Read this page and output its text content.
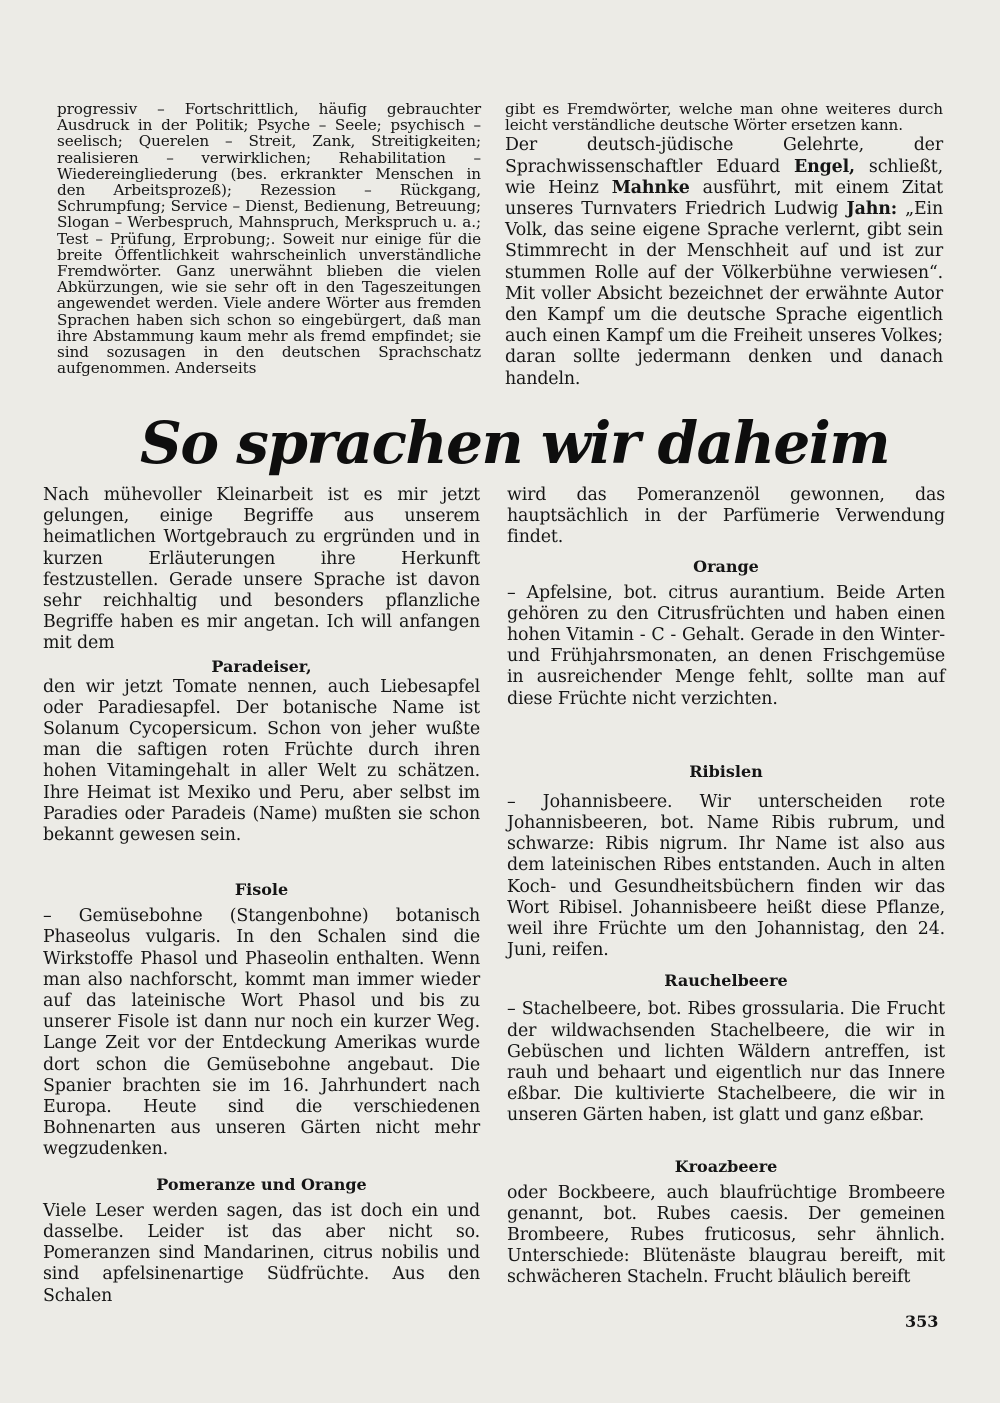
progressiv – Fortschrittlich, häufig gebrauchter Ausdruck in der Politik; Psyche – Seele; psychisch – seelisch; Querelen – Streit, Zank, Streitigkeiten; realisieren – verwirklichen; Rehabilitation – Wiedereingliederung (bes. erkrankter Menschen in den Arbeitsprozeß); Rezession – Rückgang, Schrumpfung; Service – Dienst, Bedienung, Betreuung; Slogan – Werbespruch, Mahnspruch, Merkspruch u. a.; Test – Prüfung, Erprobung;. Soweit nur einige für die breite Öffentlichkeit wahrscheinlich unverständliche Fremdwörter. Ganz unerwähnt blieben die vielen Abkürzungen, wie sie sehr oft in den Tageszeitungen angewendet werden. Viele andere Wörter aus fremden Sprachen haben sich schon so eingebürgert, daß man ihre Abstammung kaum mehr als fremd empfindet; sie sind sozusagen in den deutschen Sprachschatz aufgenommen. Anderseits

gibt es Fremdwörter, welche man ohne weiteres durch leicht verständliche deutsche Wörter ersetzen kann.

Der deutsch-jüdische Gelehrte, der Sprachwissenschaftler Eduard Engel, schließt, wie Heinz Mahnke ausführt, mit einem Zitat unseres Turnvaters Friedrich Ludwig Jahn: „Ein Volk, das seine eigene Sprache verlernt, gibt sein Stimmrecht in der Menschheit auf und ist zur stummen Rolle auf der Völkerbühne verwiesen“. Mit voller Absicht bezeichnet der erwähnte Autor den Kampf um die deutsche Sprache eigentlich auch einen Kampf um die Freiheit unseres Volkes; daran sollte jedermann denken und danach handeln.

So sprachen wir daheim

Nach mühevoller Kleinarbeit ist es mir jetzt gelungen, einige Begriffe aus unserem heimatlichen Wortgebrauch zu ergründen und in kurzen Erläuterungen ihre Herkunft festzustellen. Gerade unsere Sprache ist davon sehr reichhaltig und besonders pflanzliche Begriffe haben es mir angetan. Ich will anfangen mit dem

Paradeiser,

den wir jetzt Tomate nennen, auch Liebesapfel oder Paradiesapfel. Der botanische Name ist Solanum Cycopersicum. Schon von jeher wußte man die saftigen roten Früchte durch ihren hohen Vitamingehalt in aller Welt zu schätzen. Ihre Heimat ist Mexiko und Peru, aber selbst im Paradies oder Paradeis (Name) mußten sie schon bekannt gewesen sein.

Fisole

– Gemüsebohne (Stangenbohne) botanisch Phaseolus vulgaris. In den Schalen sind die Wirkstoffe Phasol und Phaseolin enthalten. Wenn man also nachforscht, kommt man immer wieder auf das lateinische Wort Phasol und bis zu unserer Fisole ist dann nur noch ein kurzer Weg. Lange Zeit vor der Entdeckung Amerikas wurde dort schon die Gemüsebohne angebaut. Die Spanier brachten sie im 16. Jahrhundert nach Europa. Heute sind die verschiedenen Bohnenarten aus unseren Gärten nicht mehr wegzudenken.

Pomeranze und Orange

Viele Leser werden sagen, das ist doch ein und dasselbe. Leider ist das aber nicht so. Pomeranzen sind Mandarinen, citrus nobilis und sind apfelsinenartige Südfrüchte. Aus den Schalen

wird das Pomeranzenöl gewonnen, das hauptsächlich in der Parfümerie Verwendung findet.

Orange

– Apfelsine, bot. citrus aurantium. Beide Arten gehören zu den Citrusfrüchten und haben einen hohen Vitamin - C - Gehalt. Gerade in den Winter- und Frühjahrsmonaten, an denen Frischgemüse in ausreichender Menge fehlt, sollte man auf diese Früchte nicht verzichten.

Ribislen

– Johannisbeere. Wir unterscheiden rote Johannisbeeren, bot. Name Ribis rubrum, und schwarze: Ribis nigrum. Ihr Name ist also aus dem lateinischen Ribes entstanden. Auch in alten Koch- und Gesundheitsbüchern finden wir das Wort Ribisel. Johannisbeere heißt diese Pflanze, weil ihre Früchte um den Johannistag, den 24. Juni, reifen.

Rauchelbeere

– Stachelbeere, bot. Ribes grossularia. Die Frucht der wildwachsenden Stachelbeere, die wir in Gebüschen und lichten Wäldern antreffen, ist rauh und behaart und eigentlich nur das Innere eßbar. Die kultivierte Stachelbeere, die wir in unseren Gärten haben, ist glatt und ganz eßbar.

Kroazbeere

oder Bockbeere, auch blaufrüchtige Brombeere genannt, bot. Rubes caesis. Der gemeinen Brombeere, Rubes fruticosus, sehr ähnlich. Unterschiede: Blütenäste blaugrau bereift, mit schwächeren Stacheln. Frucht bläulich bereift

353
